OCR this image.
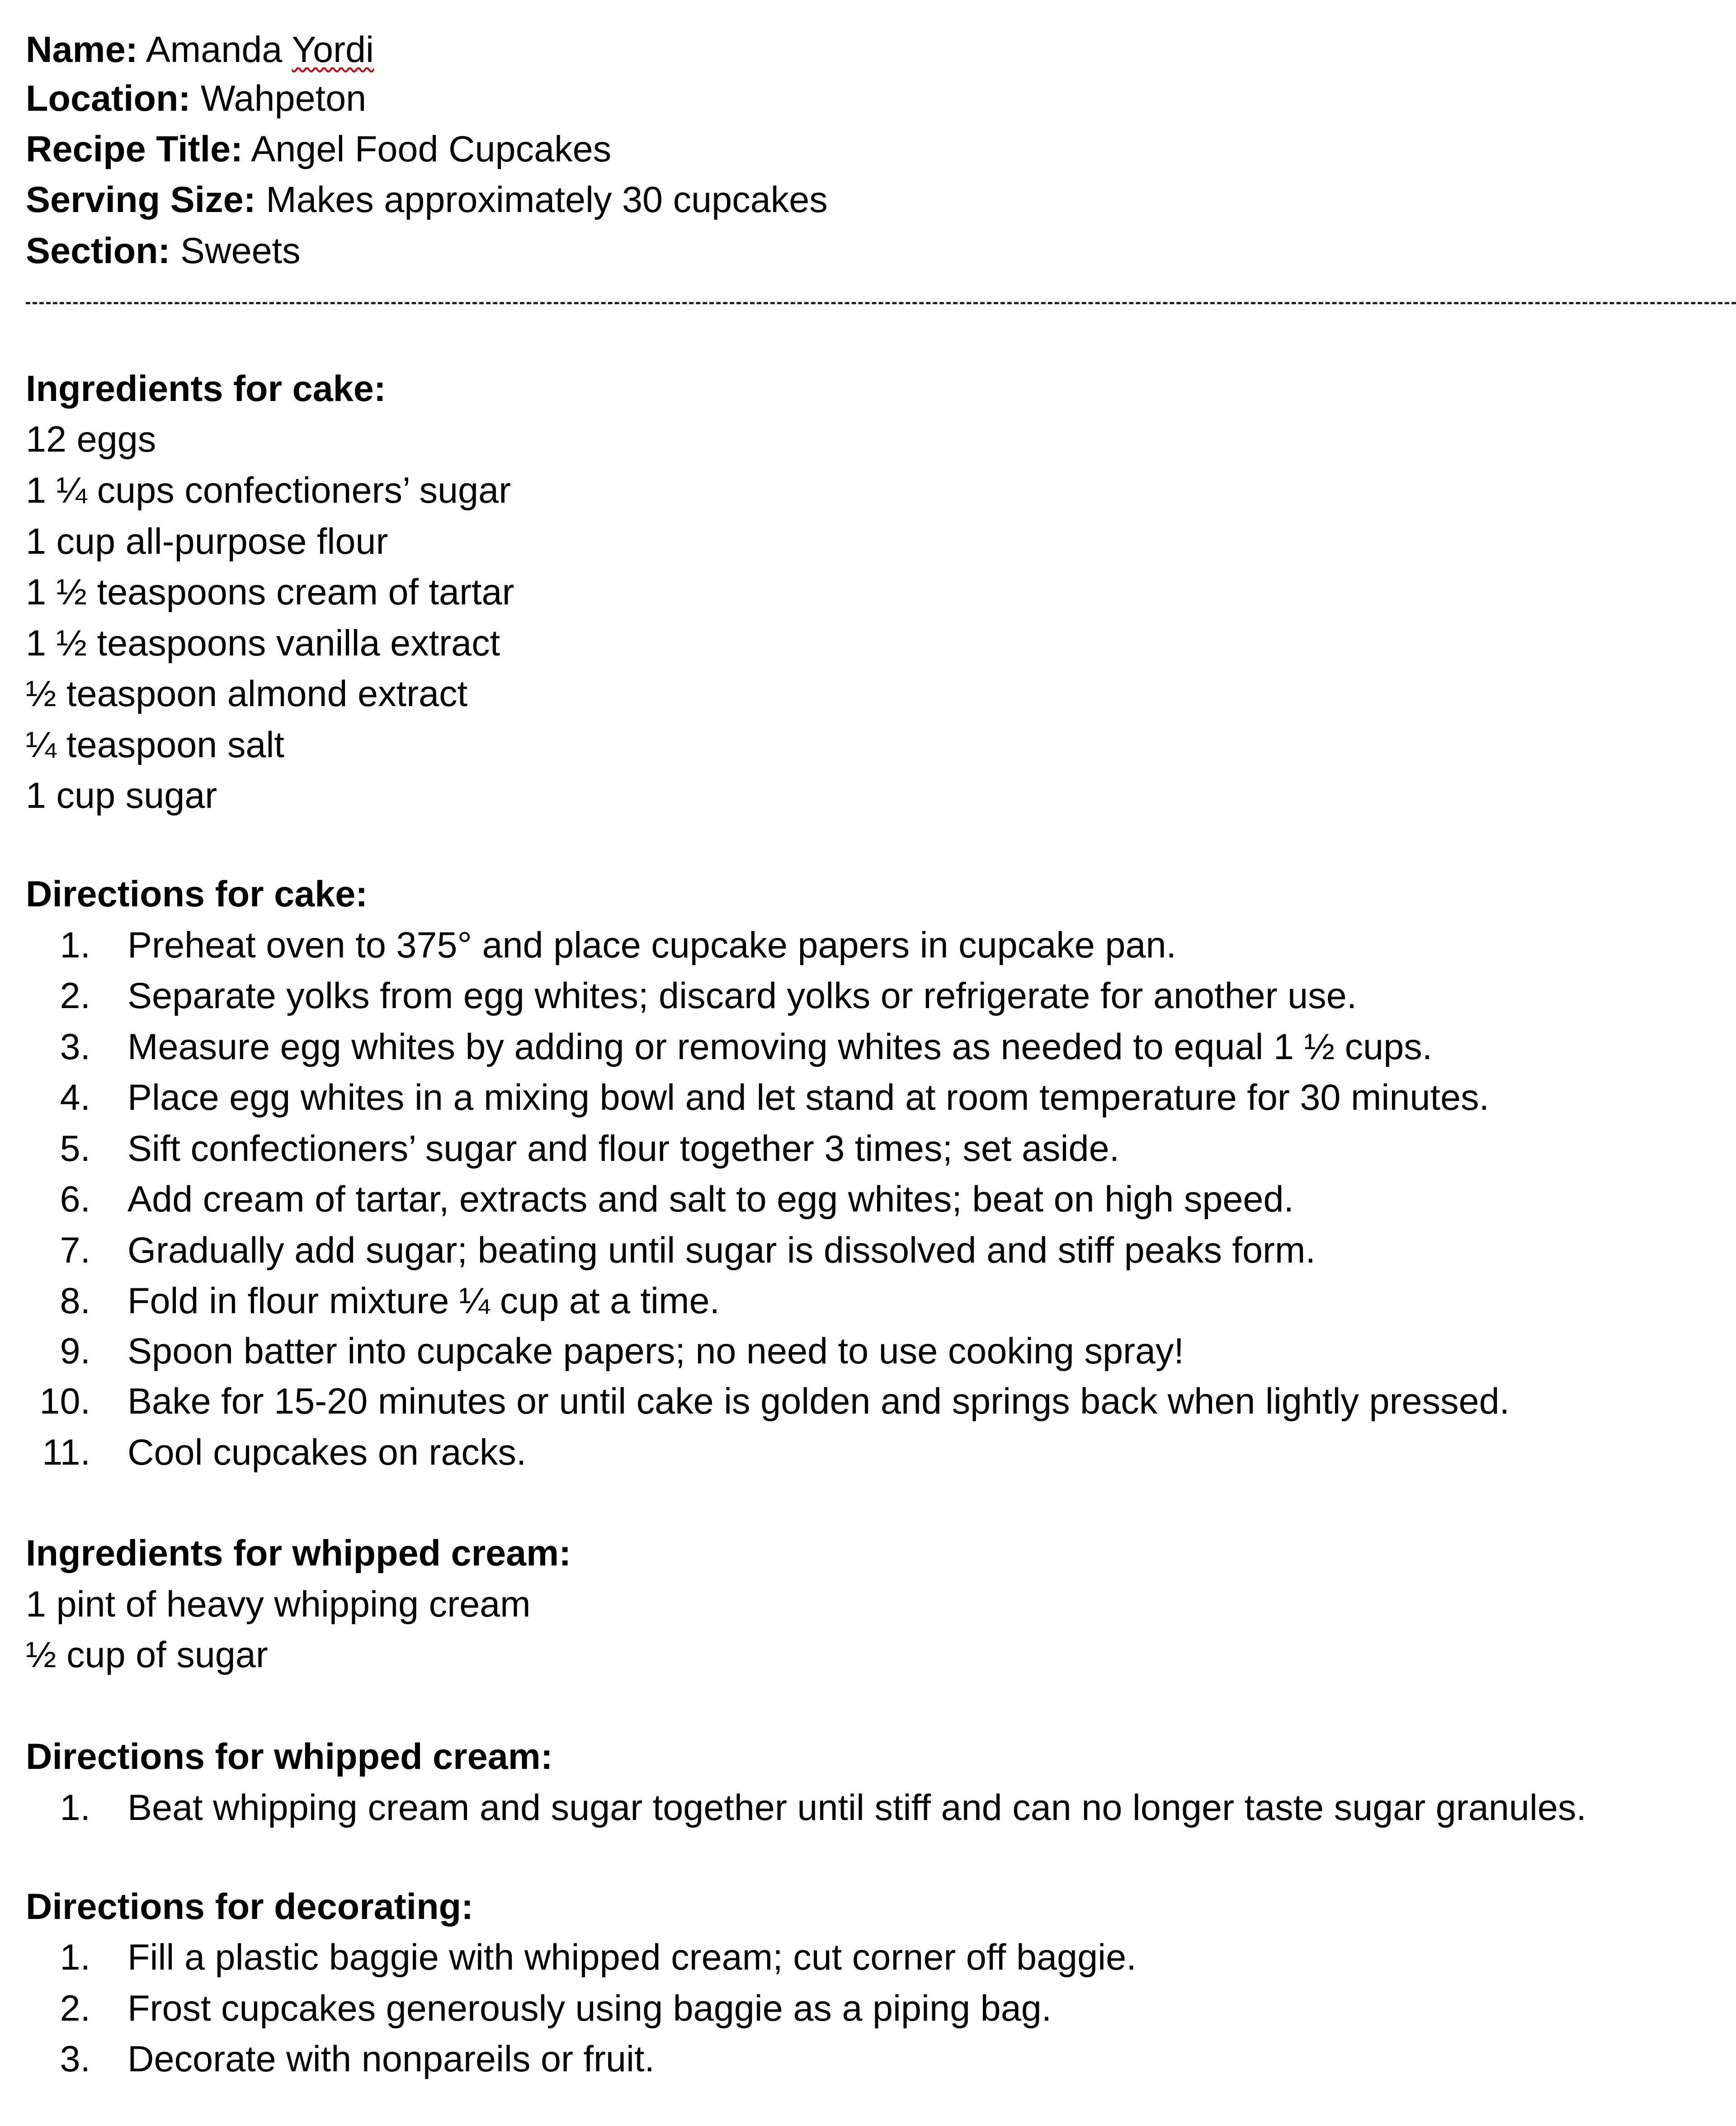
Name: Amanda Yordi
Location: Wahpeton
Recipe Title: Angel Food Cupcakes
Serving Size: Makes approximately 30 cupcakes
Section: Sweets
Ingredients for cake:
12 eggs
1 ¼ cups confectioners’ sugar
1 cup all-purpose flour
1 ½ teaspoons cream of tartar
1 ½ teaspoons vanilla extract
½ teaspoon almond extract
¼ teaspoon salt
1 cup sugar
Directions for cake:
1. Preheat oven to 375° and place cupcake papers in cupcake pan.
2. Separate yolks from egg whites; discard yolks or refrigerate for another use.
3. Measure egg whites by adding or removing whites as needed to equal 1 ½ cups.
4. Place egg whites in a mixing bowl and let stand at room temperature for 30 minutes.
5. Sift confectioners’ sugar and flour together 3 times; set aside.
6. Add cream of tartar, extracts and salt to egg whites; beat on high speed.
7. Gradually add sugar; beating until sugar is dissolved and stiff peaks form.
8. Fold in flour mixture ¼ cup at a time.
9. Spoon batter into cupcake papers; no need to use cooking spray!
10. Bake for 15-20 minutes or until cake is golden and springs back when lightly pressed.
11. Cool cupcakes on racks.
Ingredients for whipped cream:
1 pint of heavy whipping cream
½ cup of sugar
Directions for whipped cream:
1. Beat whipping cream and sugar together until stiff and can no longer taste sugar granules.
Directions for decorating:
1. Fill a plastic baggie with whipped cream; cut corner off baggie.
2. Frost cupcakes generously using baggie as a piping bag.
3. Decorate with nonpareils or fruit.
